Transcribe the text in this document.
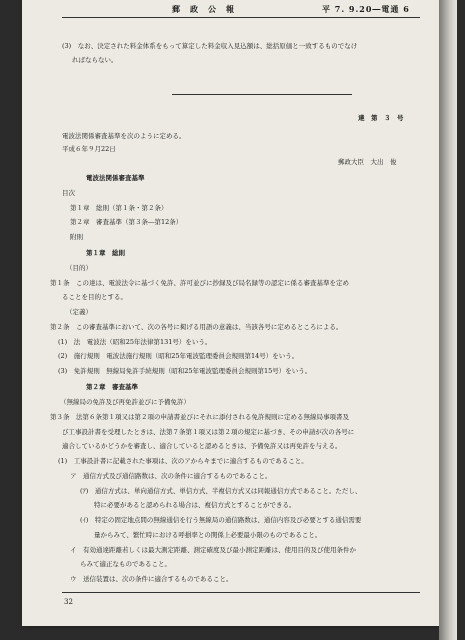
郵　政　公　報	平 7. 9.20―電通 6
(3)　なお、決定された料金体系をもって算定した料金収入見込額は、総括原価と一致するものでなけ
ればならない。
達　第　３　号
電波法関係審査基準を次のように定める。
平成６年９月22日
郵政大臣　大出　俊
電波法関係審査基準
目次
第１章　総則（第１条・第２条）
第２章　審査基準（第３条―第12条）
附則
第１章　総則
（目的）
第１条　この達は、電波法令に基づく免許、許可並びに抄録及び局名録等の認定に係る審査基準を定め
ることを目的とする。
（定義）
第２条　この審査基準において、次の各号に掲げる用語の意義は、当該各号に定めるところによる。
(1)　法　電波法（昭和25年法律第131号）をいう。
(2)　施行規則　電波法施行規則（昭和25年電波監理委員会規則第14号）をいう。
(3)　免許規則　無線局免許手続規則（昭和25年電波監理委員会規則第15号）をいう。
第２章　審査基準
（無線局の免許及び再免許並びに予備免許）
第３条　法第６条第１項又は第２項の申請書並びにそれに添付される免許規則に定める無線局事項書及
び工事設計書を受理したときは、法第７条第１項又は第２項の規定に基づき、その申請が次の各号に
適合しているかどうかを審査し、適合していると認めるときは、予備免許又は再免許を与える。
(1)　工事設計書に記載された事項は、次のアからキまでに適合するものであること。
ア　通信方式及び通信路数は、次の条件に適合するものであること。
(ｱ)　通信方式は、単向通信方式、単信方式、半複信方式又は同報通信方式であること。ただし、
特に必要があると認められる場合は、複信方式とすることができる。
(ｲ)　特定の固定地点間の無線通信を行う無線局の通信路数は、通信内容及び必要とする通信需要
量からみて、繁忙時における呼損率との関係上必要最小限のものであること。
イ　有効通達距離若しくは最大測定距離、測定確度及び最小測定距離は、使用目的及び使用条件か
らみて適正なものであること。
ウ　送信装置は、次の条件に適合するものであること。
32
